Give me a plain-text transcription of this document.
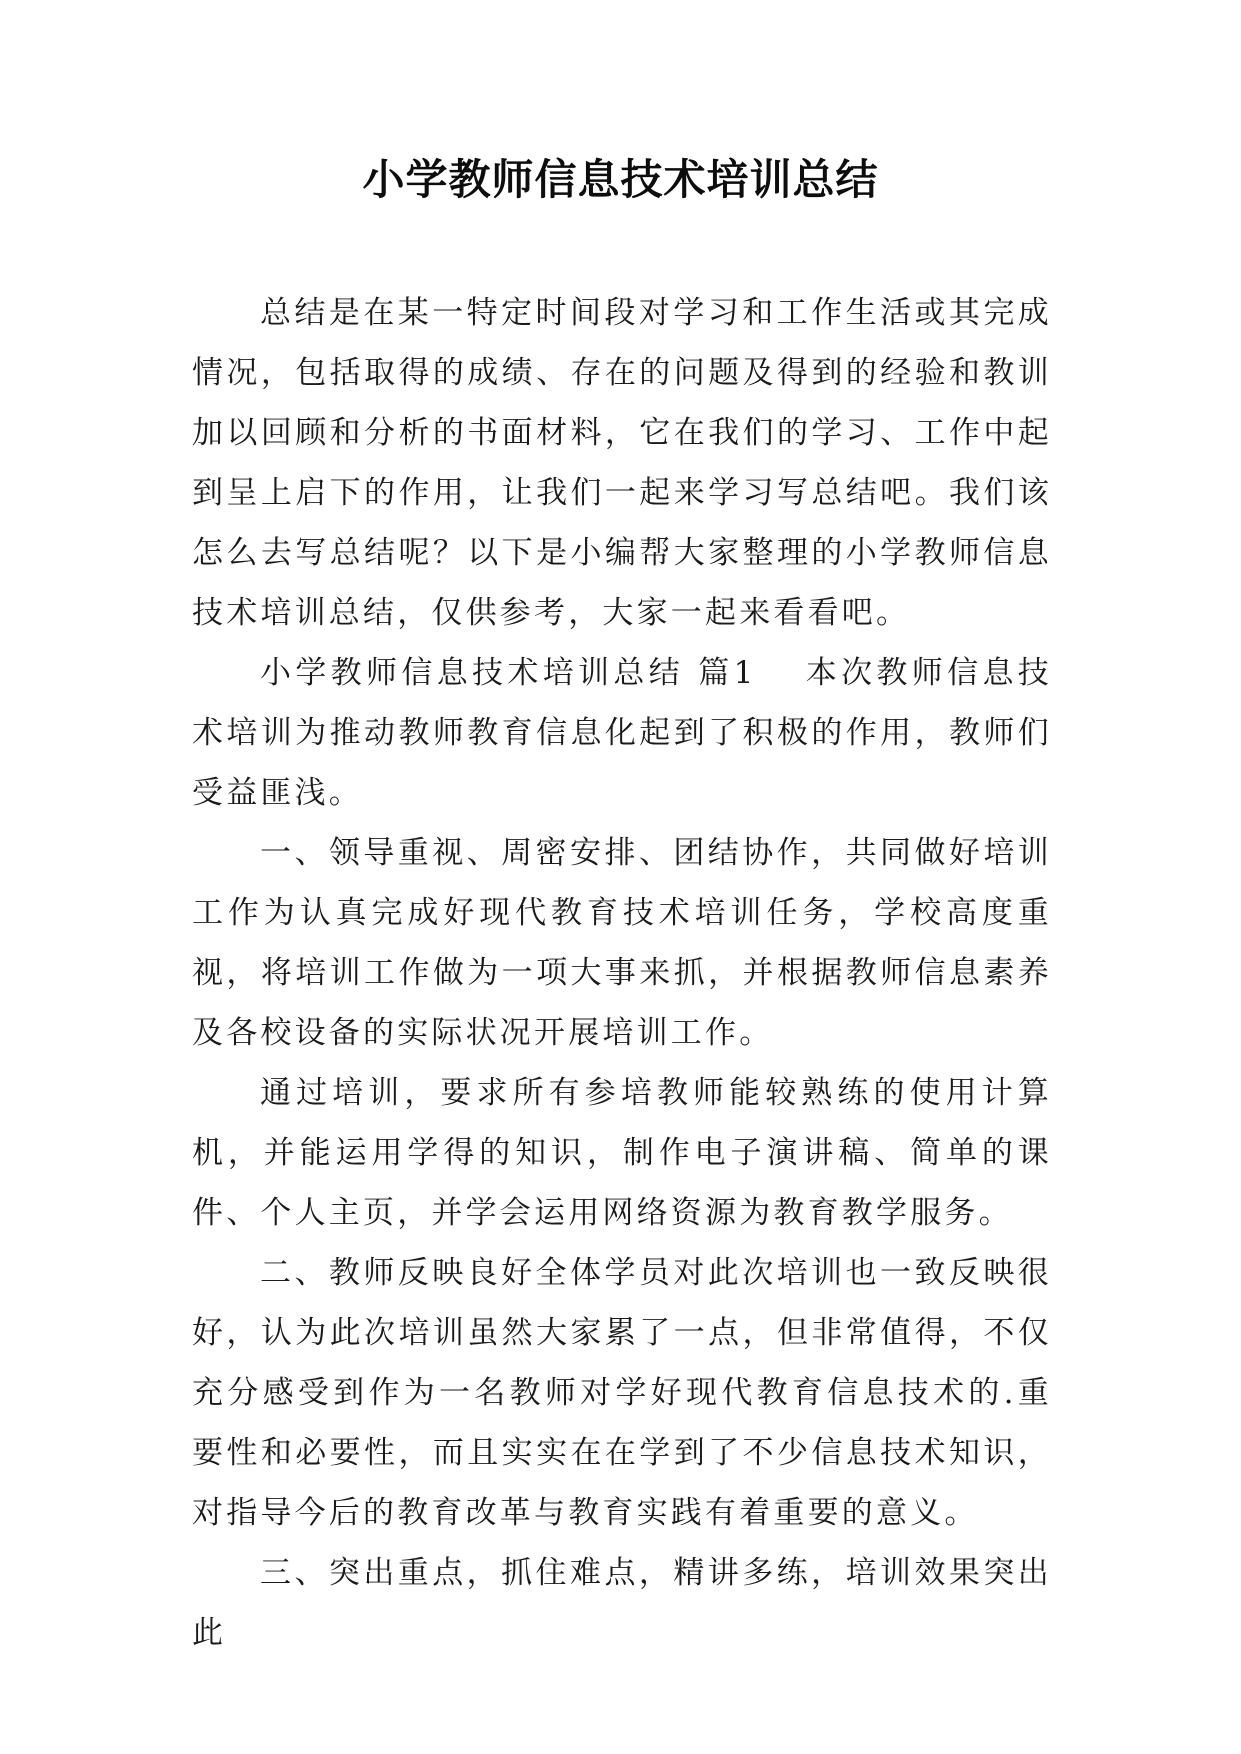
小学教师信息技术培训总结

总结是在某一特定时间段对学习和工作生活或其完成情况，包括取得的成绩、存在的问题及得到的经验和教训加以回顾和分析的书面材料，它在我们的学习、工作中起到呈上启下的作用，让我们一起来学习写总结吧。我们该怎么去写总结呢？以下是小编帮大家整理的小学教师信息技术培训总结，仅供参考，大家一起来看看吧。

小学教师信息技术培训总结 篇1 本次教师信息技术培训为推动教师教育信息化起到了积极的作用，教师们受益匪浅。

一、领导重视、周密安排、团结协作，共同做好培训工作为认真完成好现代教育技术培训任务，学校高度重视，将培训工作做为一项大事来抓，并根据教师信息素养及各校设备的实际状况开展培训工作。

通过培训，要求所有参培教师能较熟练的使用计算机，并能运用学得的知识，制作电子演讲稿、简单的课件、个人主页，并学会运用网络资源为教育教学服务。

二、教师反映良好全体学员对此次培训也一致反映很好，认为此次培训虽然大家累了一点，但非常值得，不仅充分感受到作为一名教师对学好现代教育信息技术的.重要性和必要性，而且实实在在学到了不少信息技术知识，对指导今后的教育改革与教育实践有着重要的意义。

三、突出重点，抓住难点，精讲多练，培训效果突出此
